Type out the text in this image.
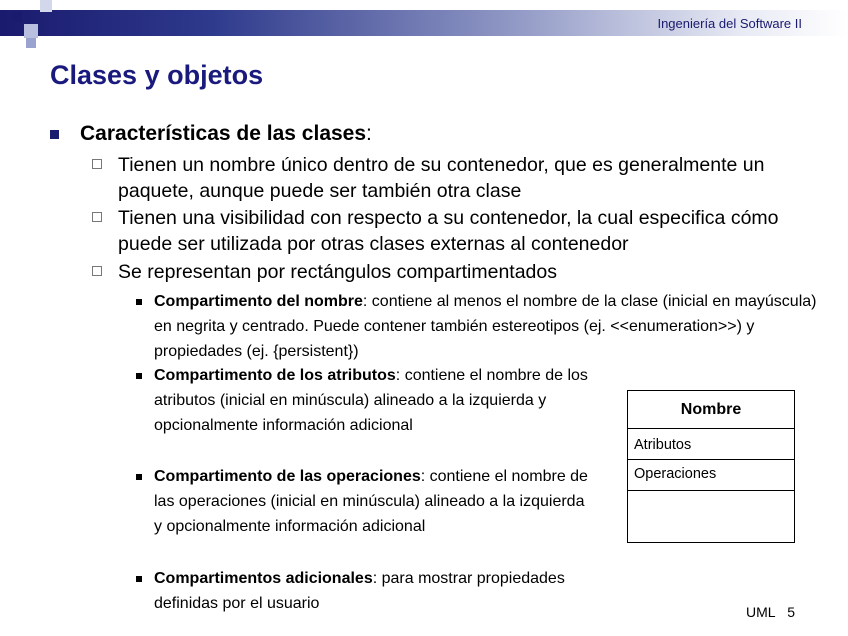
Ingeniería del Software II
Clases y objetos
Características de las clases:
Tienen un nombre único dentro de su contenedor, que es generalmente un paquete, aunque puede ser también otra clase
Tienen una visibilidad con respecto a su contenedor, la cual especifica cómo puede ser utilizada por otras clases externas al contenedor
Se representan por rectángulos compartimentados
Compartimento del nombre: contiene al menos el nombre de la clase (inicial en mayúscula) en negrita y centrado. Puede contener también estereotipos (ej. <<enumeration>>) y propiedades (ej. {persistent})
Compartimento de los atributos: contiene el nombre de los atributos (inicial en minúscula) alineado a la izquierda y opcionalmente información adicional
Compartimento de las operaciones: contiene el nombre de las operaciones (inicial en minúscula) alineado a la izquierda y opcionalmente información adicional
Compartimentos adicionales: para mostrar propiedades definidas por el usuario
Nombre
Atributos
Operaciones
UML 5
